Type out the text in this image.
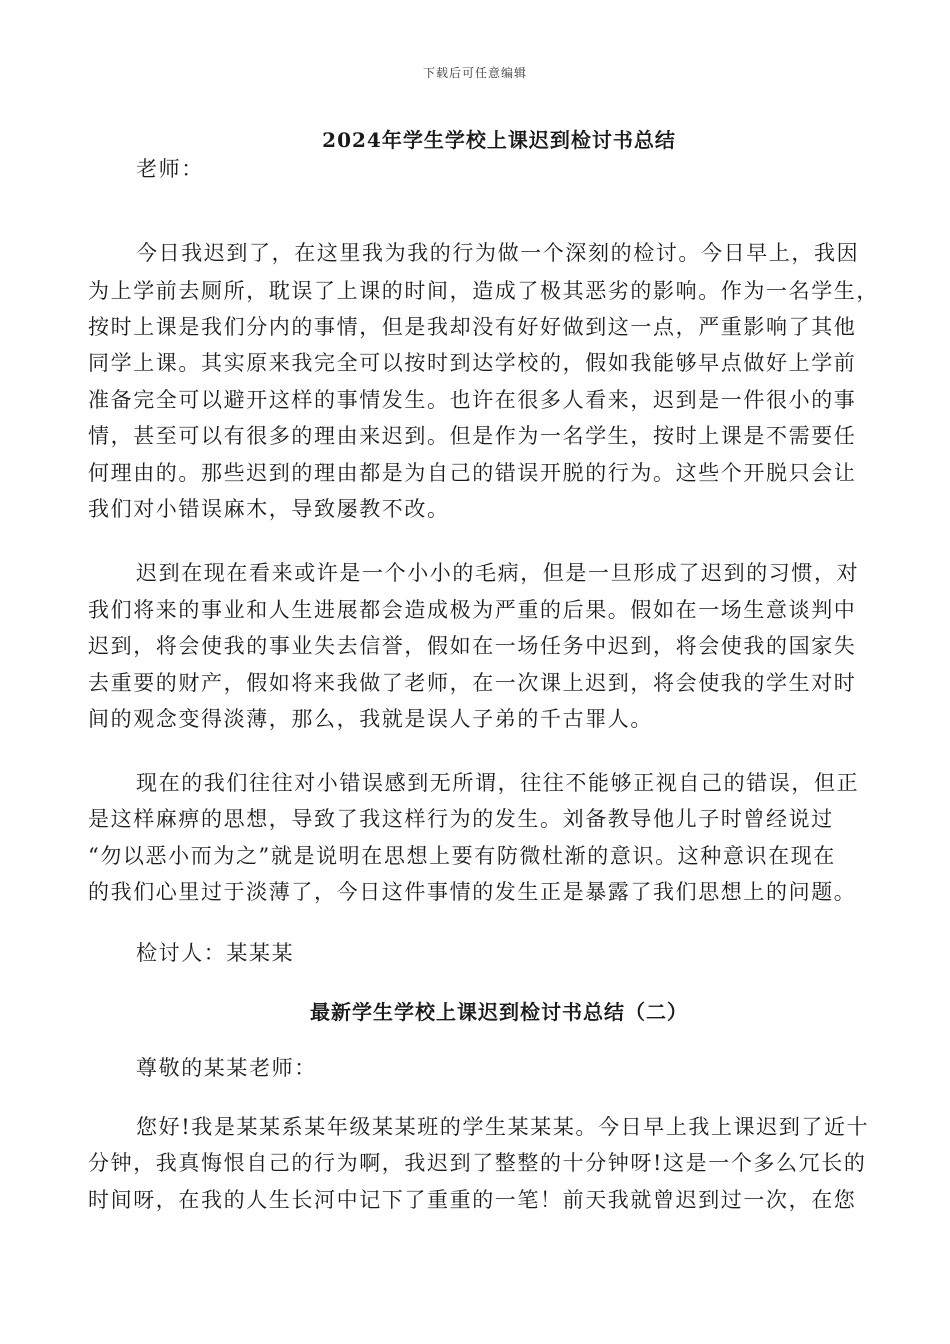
下载后可任意编辑
2024年学生学校上课迟到检讨书总结
老师：
今日我迟到了，在这里我为我的行为做一个深刻的检讨。今日早上，我因
为上学前去厕所，耽误了上课的时间，造成了极其恶劣的影响。作为一名学生，
按时上课是我们分内的事情，但是我却没有好好做到这一点，严重影响了其他
同学上课。其实原来我完全可以按时到达学校的，假如我能够早点做好上学前
准备完全可以避开这样的事情发生。也许在很多人看来，迟到是一件很小的事
情，甚至可以有很多的理由来迟到。但是作为一名学生，按时上课是不需要任
何理由的。那些迟到的理由都是为自己的错误开脱的行为。这些个开脱只会让
我们对小错误麻木，导致屡教不改。
迟到在现在看来或许是一个小小的毛病，但是一旦形成了迟到的习惯，对
我们将来的事业和人生进展都会造成极为严重的后果。假如在一场生意谈判中
迟到，将会使我的事业失去信誉，假如在一场任务中迟到，将会使我的国家失
去重要的财产，假如将来我做了老师，在一次课上迟到，将会使我的学生对时
间的观念变得淡薄，那么，我就是误人子弟的千古罪人。
现在的我们往往对小错误感到无所谓，往往不能够正视自己的错误，但正
是这样麻痹的思想，导致了我这样行为的发生。刘备教导他儿子时曾经说过
“勿以恶小而为之”就是说明在思想上要有防微杜渐的意识。这种意识在现在
的我们心里过于淡薄了，今日这件事情的发生正是暴露了我们思想上的问题。
检讨人：某某某
最新学生学校上课迟到检讨书总结（二）
尊敬的某某老师：
您好!我是某某系某年级某某班的学生某某某。今日早上我上课迟到了近十
分钟，我真悔恨自己的行为啊，我迟到了整整的十分钟呀!这是一个多么冗长的
时间呀，在我的人生长河中记下了重重的一笔！前天我就曾迟到过一次，在您
